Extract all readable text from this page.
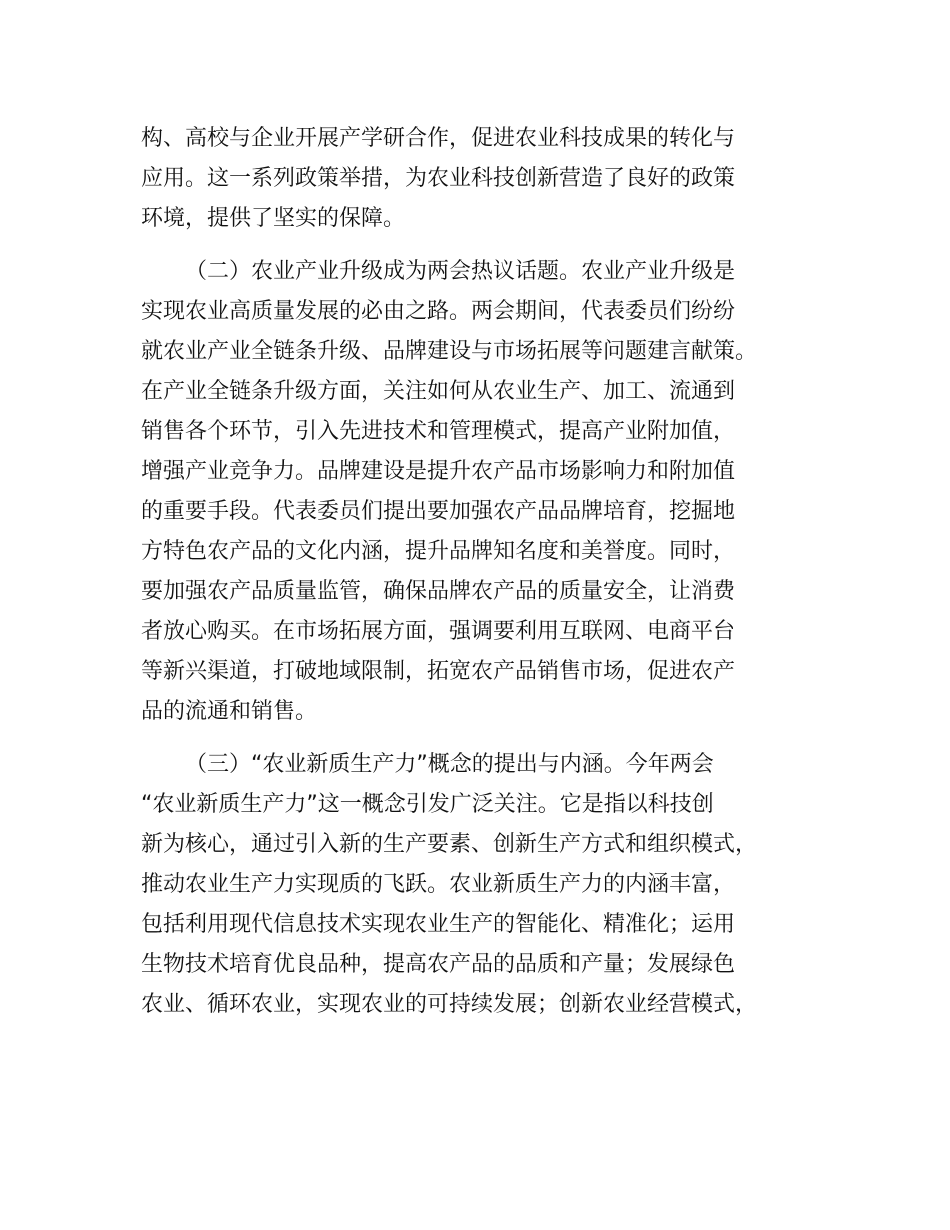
构、高校与企业开展产学研合作，促进农业科技成果的转化与
应用。这一系列政策举措，为农业科技创新营造了良好的政策
环境，提供了坚实的保障。
（二）农业产业升级成为两会热议话题。农业产业升级是
实现农业高质量发展的必由之路。两会期间，代表委员们纷纷
就农业产业全链条升级、品牌建设与市场拓展等问题建言献策。
在产业全链条升级方面，关注如何从农业生产、加工、流通到
销售各个环节，引入先进技术和管理模式，提高产业附加值，
增强产业竞争力。品牌建设是提升农产品市场影响力和附加值
的重要手段。代表委员们提出要加强农产品品牌培育，挖掘地
方特色农产品的文化内涵，提升品牌知名度和美誉度。同时，
要加强农产品质量监管，确保品牌农产品的质量安全，让消费
者放心购买。在市场拓展方面，强调要利用互联网、电商平台
等新兴渠道，打破地域限制，拓宽农产品销售市场，促进农产
品的流通和销售。
（三）“农业新质生产力”概念的提出与内涵。今年两会
“农业新质生产力”这一概念引发广泛关注。它是指以科技创
新为核心，通过引入新的生产要素、创新生产方式和组织模式，
推动农业生产力实现质的飞跃。农业新质生产力的内涵丰富，
包括利用现代信息技术实现农业生产的智能化、精准化；运用
生物技术培育优良品种，提高农产品的品质和产量；发展绿色
农业、循环农业，实现农业的可持续发展；创新农业经营模式，
